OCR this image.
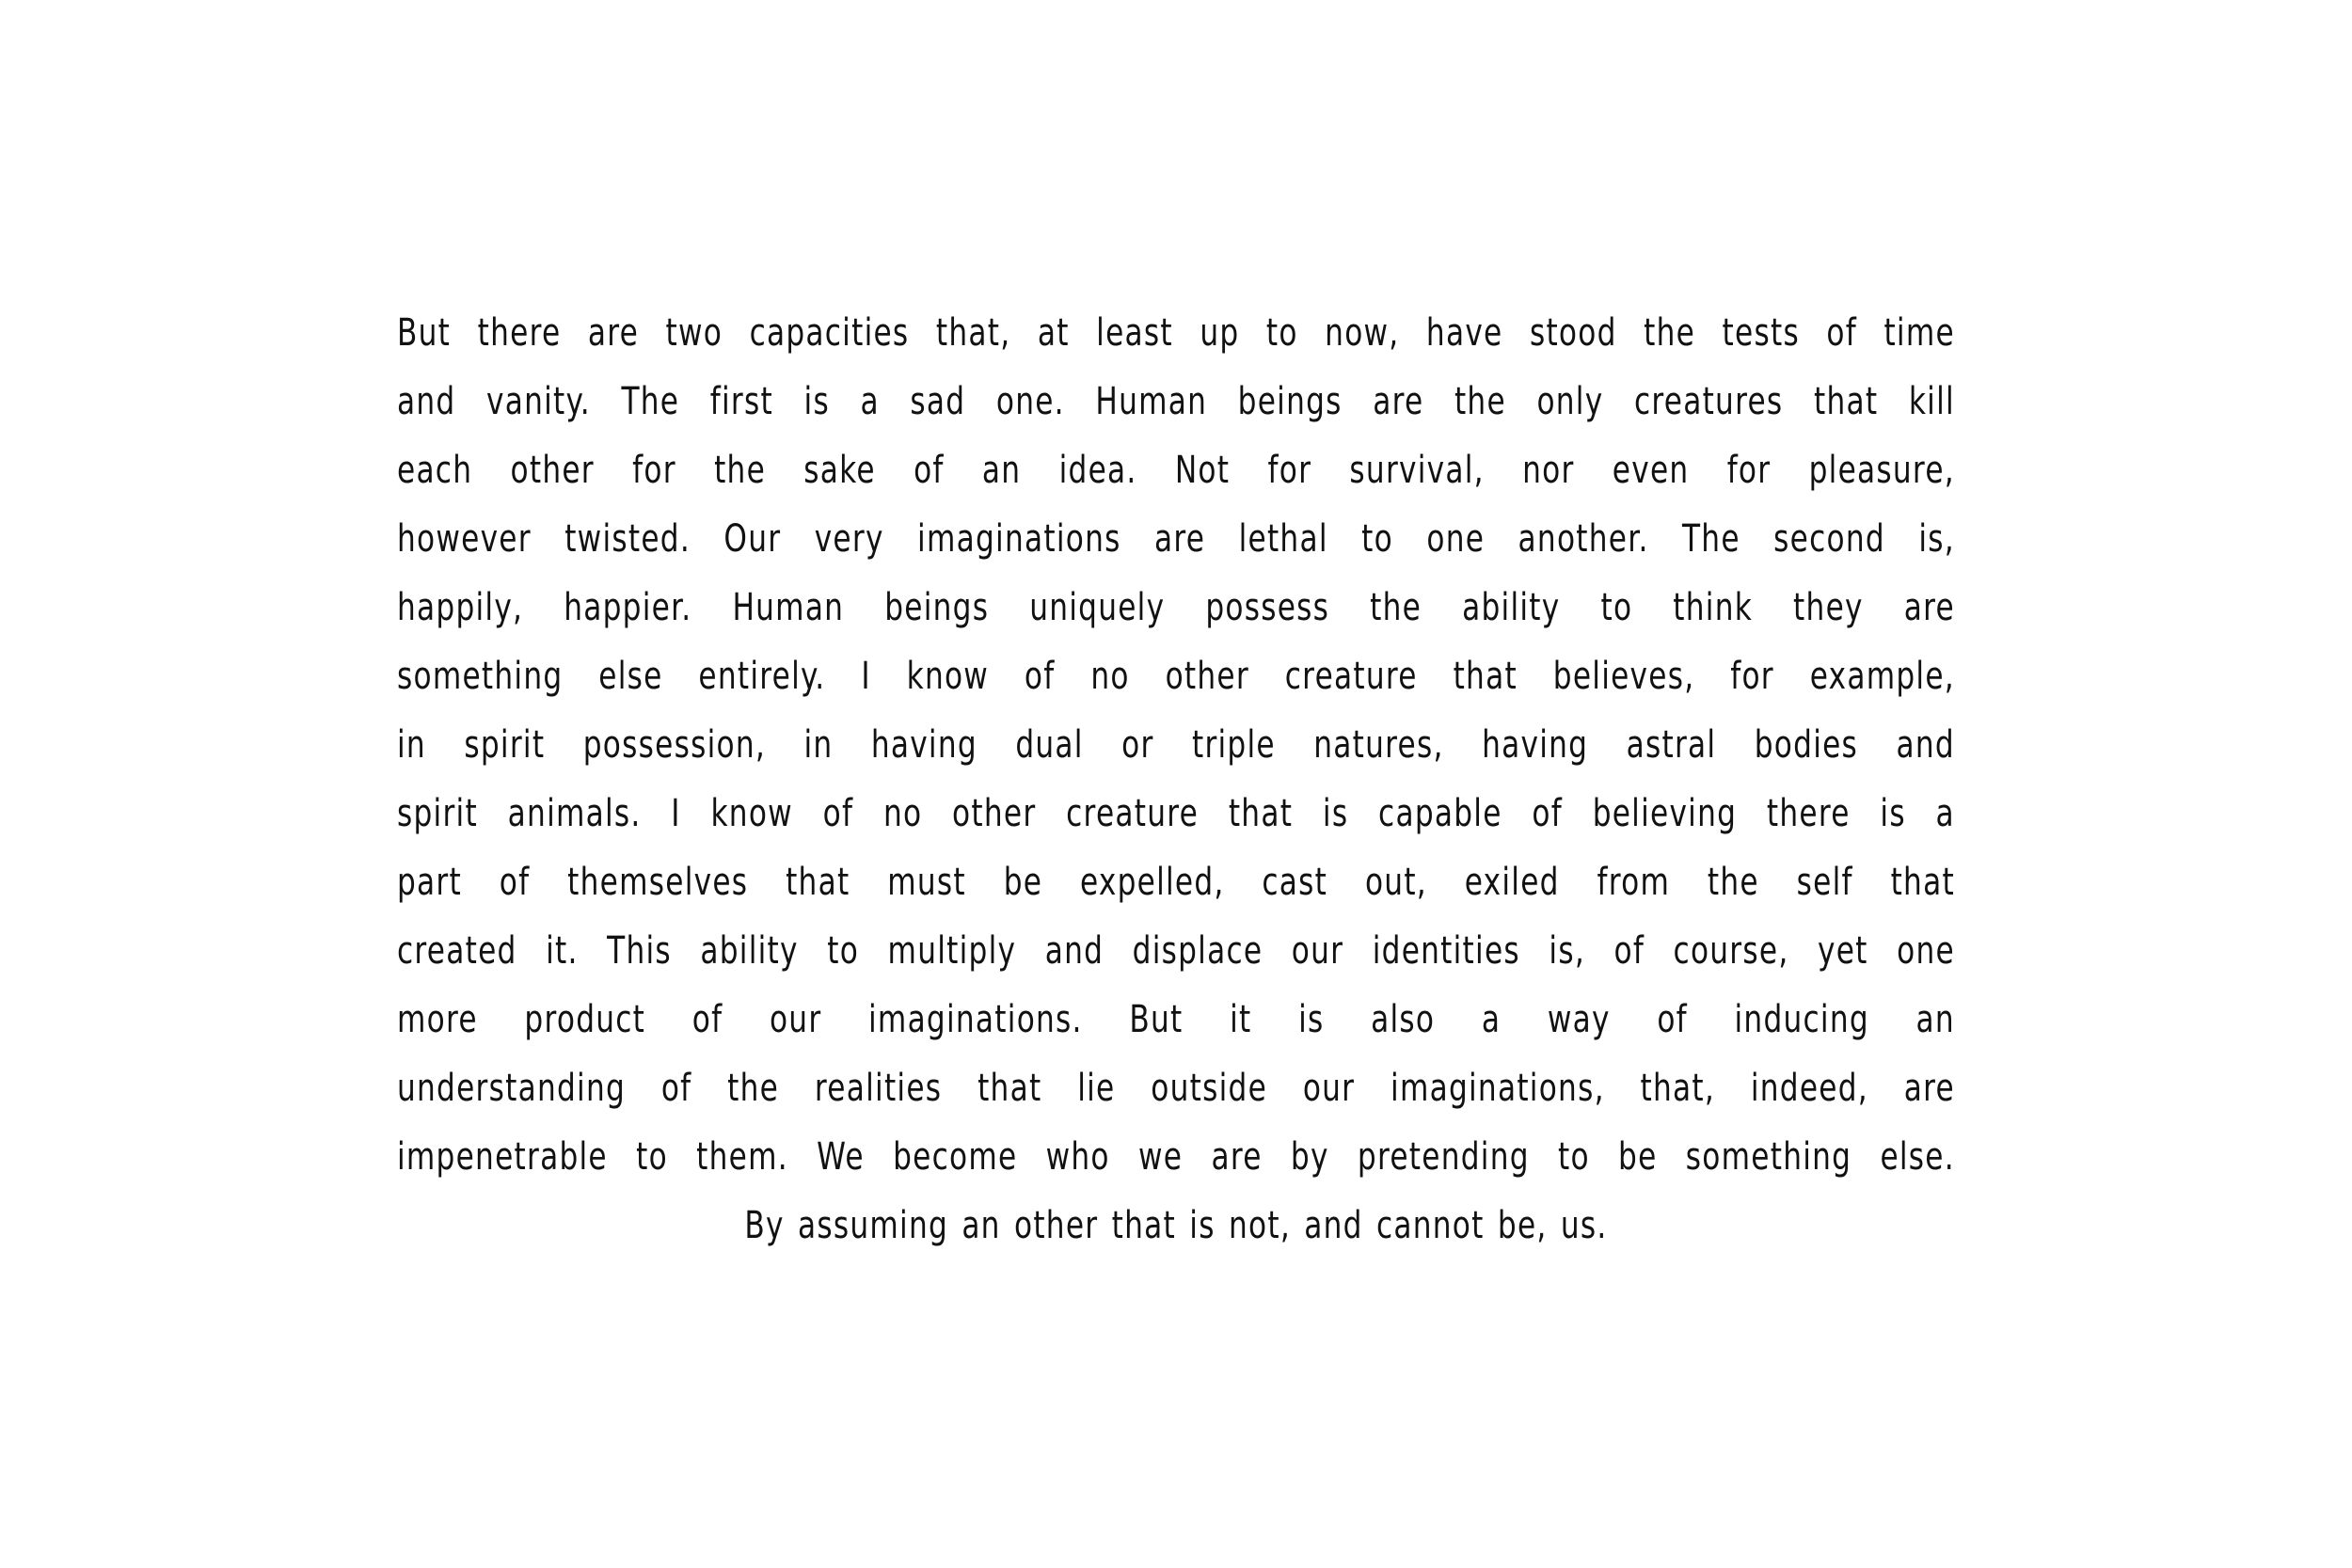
But there are two capacities that, at least up to now, have stood the tests of time
and vanity. The first is a sad one. Human beings are the only creatures that kill
each other for the sake of an idea. Not for survival, nor even for pleasure,
however twisted. Our very imaginations are lethal to one another. The second is,
happily, happier. Human beings uniquely possess the ability to think they are
something else entirely. I know of no other creature that believes, for example,
in spirit possession, in having dual or triple natures, having astral bodies and
spirit animals. I know of no other creature that is capable of believing there is a
part of themselves that must be expelled, cast out, exiled from the self that
created it. This ability to multiply and displace our identities is, of course, yet one
more product of our imaginations. But it is also a way of inducing an
understanding of the realities that lie outside our imaginations, that, indeed, are
impenetrable to them. We become who we are by pretending to be something else.
By assuming an other that is not, and cannot be, us.
